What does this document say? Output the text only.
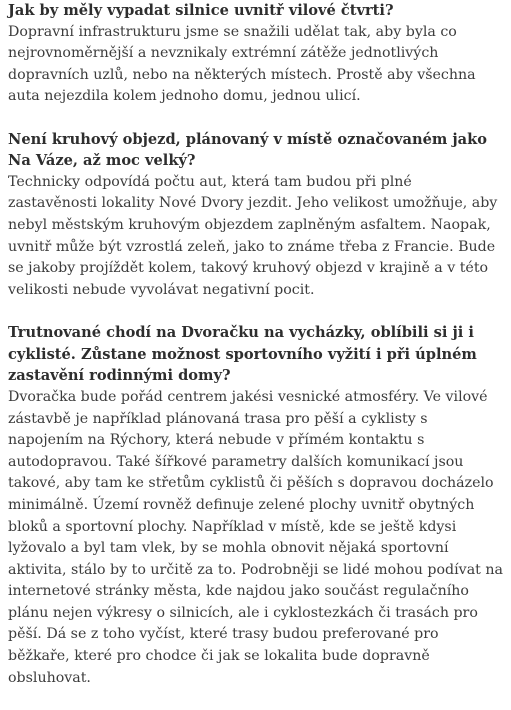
Jak by měly vypadat silnice uvnitř vilové čtvrti?

Dopravní infrastrukturu jsme se snažili udělat tak, aby byla co nejrovnoměrnější a nevznikaly extrémní zátěže jednotlivých dopravních uzlů, nebo na některých místech. Prostě aby všechna auta nejezdila kolem jednoho domu, jednou ulicí.

Není kruhový objezd, plánovaný v místě označovaném jako Na Váze, až moc velký?

Technicky odpovídá počtu aut, která tam budou při plné zastavěnosti lokality Nové Dvory jezdit. Jeho velikost umožňuje, aby nebyl městským kruhovým objezdem zaplněným asfaltem. Naopak, uvnitř může být vzrostlá zeleň, jako to známe třeba z Francie. Bude se jakoby projíždět kolem, takový kruhový objezd v krajině a v této velikosti nebude vyvolávat negativní pocit.

Trutnované chodí na Dvoračku na vycházky, oblíbili si ji i cyklisté. Zůstane možnost sportovního vyžití i při úplném zastavění rodinnými domy?

Dvoračka bude pořád centrem jakési vesnické atmosféry. Ve vilové zástavbě je například plánovaná trasa pro pěší a cyklisty s napojením na Rýchory, která nebude v přímém kontaktu s autodopravou. Také šířkové parametry dalších komunikací jsou takové, aby tam ke střetům cyklistů či pěších s dopravou docházelo minimálně. Území rovněž definuje zelené plochy uvnitř obytných bloků a sportovní plochy. Například v místě, kde se ještě kdysi lyžovalo a byl tam vlek, by se mohla obnovit nějaká sportovní aktivita, stálo by to určitě za to. Podrobněji se lidé mohou podívat na internetové stránky města, kde najdou jako součást regulačního plánu nejen výkresy o silnicích, ale i cyklostezkách či trasách pro pěší. Dá se z toho vyčíst, které trasy budou preferované pro běžkaře, které pro chodce či jak se lokalita bude dopravně obsluhovat.
